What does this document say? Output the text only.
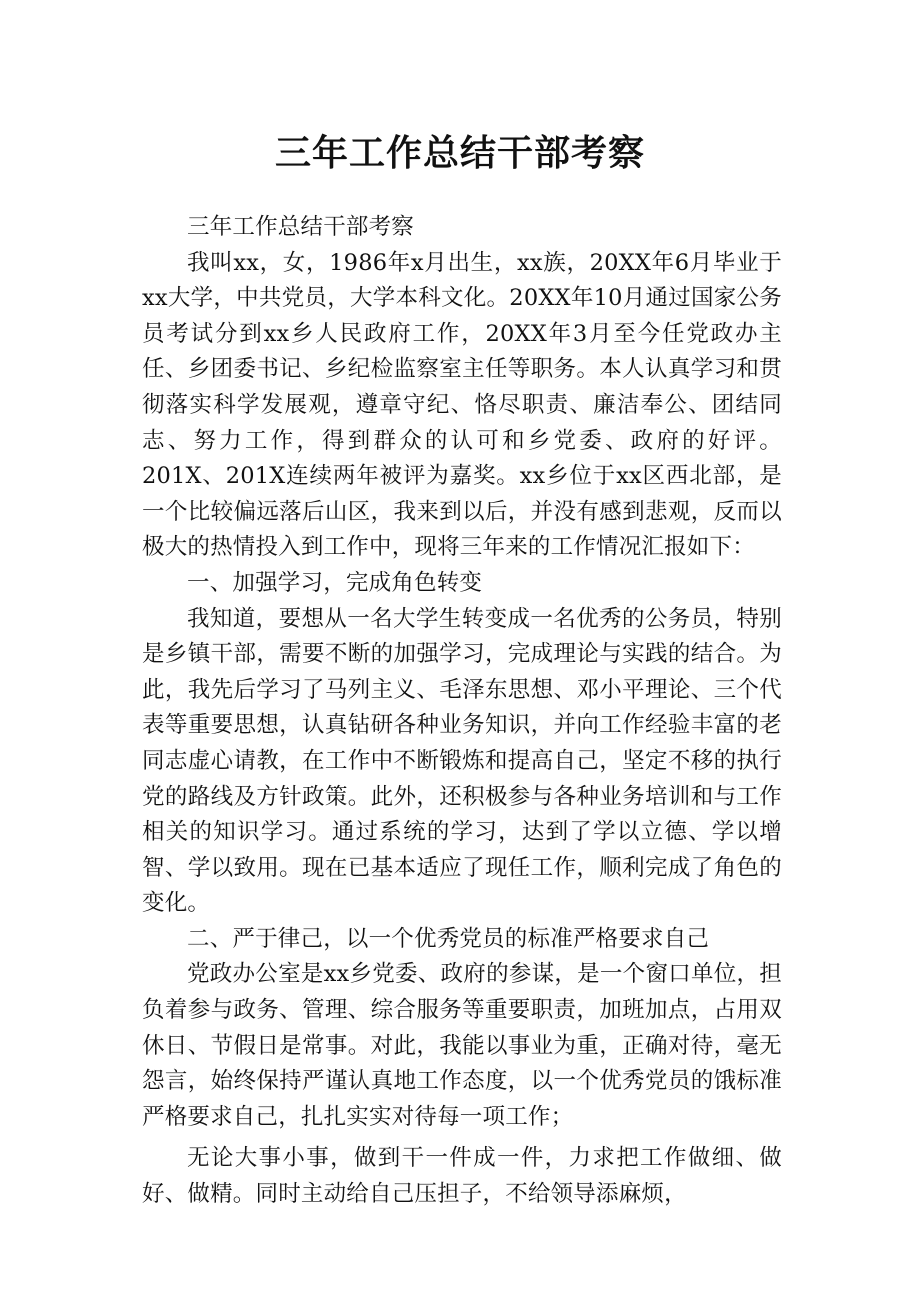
三年工作总结干部考察

三年工作总结干部考察

我叫xx，女，1986年x月出生，xx族，20XX年6月毕业于xx大学，中共党员，大学本科文化。20XX年10月通过国家公务员考试分到xx乡人民政府工作，20XX年3月至今任党政办主任、乡团委书记、乡纪检监察室主任等职务。本人认真学习和贯彻落实科学发展观，遵章守纪、恪尽职责、廉洁奉公、团结同志、努力工作，得到群众的认可和乡党委、政府的好评。201X、201X连续两年被评为嘉奖。xx乡位于xx区西北部，是一个比较偏远落后山区，我来到以后，并没有感到悲观，反而以极大的热情投入到工作中，现将三年来的工作情况汇报如下：

一、加强学习，完成角色转变

我知道，要想从一名大学生转变成一名优秀的公务员，特别是乡镇干部，需要不断的加强学习，完成理论与实践的结合。为此，我先后学习了马列主义、毛泽东思想、邓小平理论、三个代表等重要思想，认真钻研各种业务知识，并向工作经验丰富的老同志虚心请教，在工作中不断锻炼和提高自己，坚定不移的执行党的路线及方针政策。此外，还积极参与各种业务培训和与工作相关的知识学习。通过系统的学习，达到了学以立德、学以增智、学以致用。现在已基本适应了现任工作，顺利完成了角色的变化。

二、严于律己，以一个优秀党员的标准严格要求自己

党政办公室是xx乡党委、政府的参谋，是一个窗口单位，担负着参与政务、管理、综合服务等重要职责，加班加点，占用双休日、节假日是常事。对此，我能以事业为重，正确对待，毫无怨言，始终保持严谨认真地工作态度，以一个优秀党员的饿标准严格要求自己，扎扎实实对待每一项工作；

无论大事小事，做到干一件成一件，力求把工作做细、做好、做精。同时主动给自己压担子，不给领导添麻烦，
